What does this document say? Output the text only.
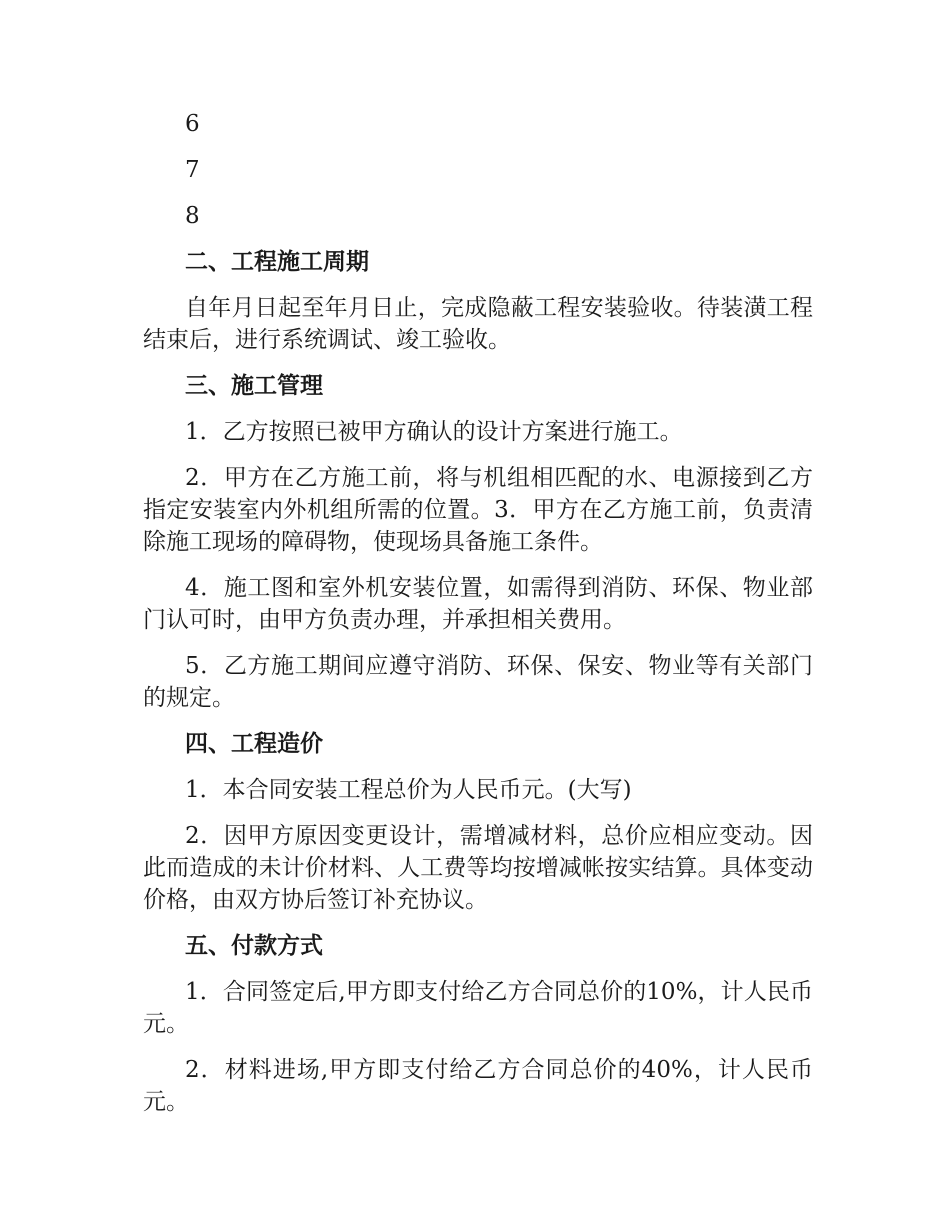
6
7
8
二、工程施工周期
自年月日起至年月日止，完成隐蔽工程安装验收。待装潢工程结束后，进行系统调试、竣工验收。
三、施工管理
1．乙方按照已被甲方确认的设计方案进行施工。
2．甲方在乙方施工前，将与机组相匹配的水、电源接到乙方指定安装室内外机组所需的位置。3．甲方在乙方施工前，负责清除施工现场的障碍物，使现场具备施工条件。
4．施工图和室外机安装位置，如需得到消防、环保、物业部门认可时，由甲方负责办理，并承担相关费用。
5．乙方施工期间应遵守消防、环保、保安、物业等有关部门的规定。
四、工程造价
1．本合同安装工程总价为人民币元。(大写)
2．因甲方原因变更设计，需增减材料，总价应相应变动。因此而造成的未计价材料、人工费等均按增减帐按实结算。具体变动价格，由双方协后签订补充协议。
五、付款方式
1．合同签定后,甲方即支付给乙方合同总价的10%，计人民币元。
2．材料进场,甲方即支付给乙方合同总价的40%，计人民币元。
